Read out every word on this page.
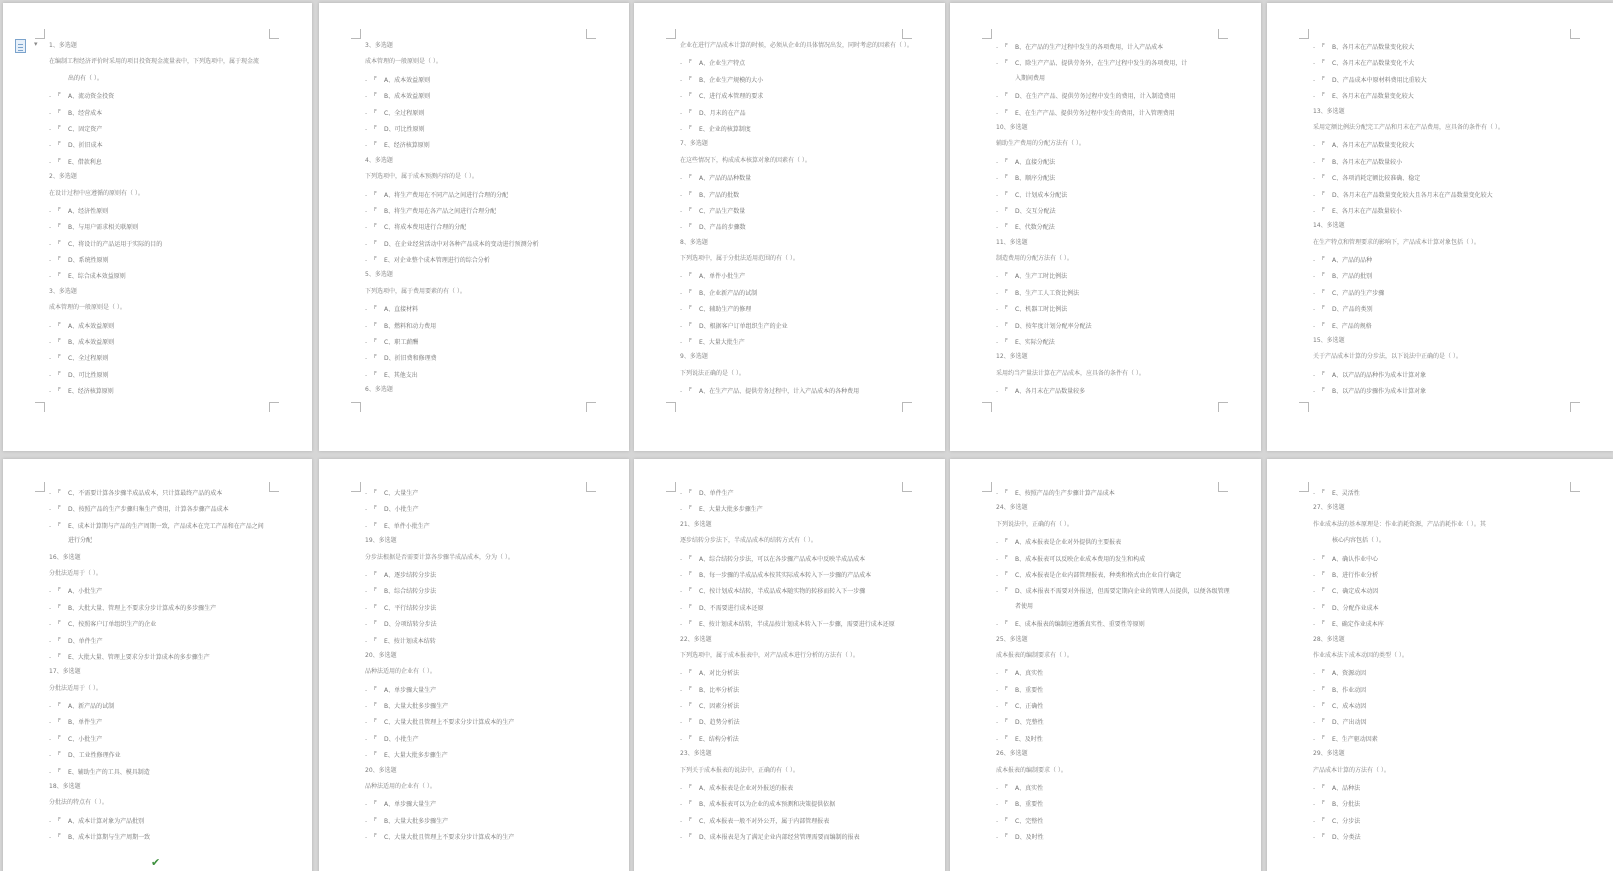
- F E、灵活性
27、多选题
作业成本法的基本原理是：作业消耗资源，产品消耗作业（ ）。其
核心内容包括（ ）。
- F A、确认作业中心
- F B、进行作业分析
- F C、确定成本动因
- F D、分配作业成本
- F E、确定作业成本库
28、多选题
作业成本法下成本动因的类型（ ）。
- F A、资源动因
- F B、作业动因
- F C、成本动因
- F D、产出动因
- F E、生产驱动因素
29、多选题
产品成本计算的方法有（ ）。
- F A、品种法
- F B、分批法
- F C、分步法
- F D、分类法
- F E、按照产品的生产步骤计算产品成本
24、多选题
下列说法中，正确的有（ ）。
- F A、成本报表是企业对外提供的主要报表
- F B、成本报表可以反映企业成本费用的发生和构成
- F C、成本报表是企业内部管理报表，种类和格式由企业自行确定
- F D、成本报表不需要对外报送，但需要定期向企业的管理人员提供，以便各级管理
者使用
- F E、成本报表的编制应遵循真实性、重要性等原则
25、多选题
成本报表的编制要求有（ ）。
- F A、真实性
- F B、重要性
- F C、正确性
- F D、完整性
- F E、及时性
26、多选题
成本报表的编制要求（ ）。
- F A、真实性
- F B、重要性
- F C、完整性
- F D、及时性
- F D、单件生产
- F E、大量大批多步骤生产
21、多选题
逐步结转分步法下，半成品成本的结转方式有（ ）。
- F A、综合结转分步法，可以在各步骤产品成本中反映半成品成本
- F B、每一步骤的半成品成本按其实际成本转入下一步骤的产品成本
- F C、按计划成本结转，半成品成本随实物的转移而转入下一步骤
- F D、不需要进行成本还原
- F E、按计划成本结转，半成品按计划成本转入下一步骤，需要进行成本还原
22、多选题
下列选项中，属于成本报表中，对产品成本进行分析的方法有（ ）。
- F A、对比分析法
- F B、比率分析法
- F C、因素分析法
- F D、趋势分析法
- F E、结构分析法
23、多选题
下列关于成本报表的说法中，正确的有（ ）。
- F A、成本报表是企业对外报送的报表
- F B、成本报表可以为企业的成本预测和决策提供依据
- F C、成本报表一般不对外公开，属于内部管理报表
- F D、成本报表是为了满足企业内部经营管理需要而编制的报表
- F C、大量生产
- F D、小批生产
- F E、单件小批生产
19、多选题
分步法根据是否需要计算各步骤半成品成本，分为（ ）。
- F A、逐步结转分步法
- F B、综合结转分步法
- F C、平行结转分步法
- F D、分项结转分步法
- F E、按计划成本结转
20、多选题
品种法适用的企业有（ ）。
- F A、单步骤大量生产
- F B、大量大批多步骤生产
- F C、大量大批且管理上不要求分步计算成本的生产
- F D、小批生产
- F E、大量大批多步骤生产
20、多选题
品种法适用的企业有（ ）。
- F A、单步骤大量生产
- F B、大量大批多步骤生产
- F C、大量大批且管理上不要求分步计算成本的生产
- F C、不需要计算各步骤半成品成本，只计算最终产品的成本
- F D、按照产品的生产步骤归集生产费用，计算各步骤产品成本
- F E、成本计算期与产品的生产周期一致，产品成本在完工产品和在产品之间
进行分配
16、多选题
分批法适用于（ ）。
- F A、小批生产
- F B、大批大量、管理上不要求分步计算成本的多步骤生产
- F C、按照客户订单组织生产的企业
- F D、单件生产
- F E、大批大量、管理上要求分步计算成本的多步骤生产
17、多选题
分批法适用于（ ）。
- F A、新产品的试制
- F B、单件生产
- F C、小批生产
- F D、工业性修理作业
- F E、辅助生产的工具、模具制造
18、多选题
分批法的特点有（ ）。
- F A、成本计算对象为产品批别
- F B、成本计算期与生产周期一致
- F B、各月末在产品数量变化较大
- F C、各月末在产品数量变化不大
- F D、产品成本中原材料费用比重较大
- F E、各月末在产品数量变化较大
13、多选题
采用定额比例法分配完工产品和月末在产品费用，应具备的条件有（ ）。
- F A、各月末在产品数量变化较大
- F B、各月末在产品数量较小
- F C、各项消耗定额比较准确、稳定
- F D、各月末在产品数量变化较大且各月末在产品数量变化较大
- F E、各月末在产品数量较小
14、多选题
在生产特点和管理要求的影响下，产品成本计算对象包括（ ）。
- F A、产品的品种
- F B、产品的批别
- F C、产品的生产步骤
- F D、产品的类别
- F E、产品的规格
15、多选题
关于产品成本计算的分步法，以下说法中正确的是（ ）。
- F A、以产品的品种作为成本计算对象
- F B、以产品的步骤作为成本计算对象
- F B、在产品的生产过程中发生的各项费用，计入产品成本
- F C、除生产产品、提供劳务外，在生产过程中发生的各项费用，计
入期间费用
- F D、在生产产品、提供劳务过程中发生的费用，计入制造费用
- F E、在生产产品、提供劳务过程中发生的费用，计入管理费用
10、多选题
辅助生产费用的分配方法有（ ）。
- F A、直接分配法
- F B、顺序分配法
- F C、计划成本分配法
- F D、交互分配法
- F E、代数分配法
11、多选题
制造费用的分配方法有（ ）。
- F A、生产工时比例法
- F B、生产工人工资比例法
- F C、机器工时比例法
- F D、按年度计划分配率分配法
- F E、实际分配法
12、多选题
采用约当产量法计算在产品成本，应具备的条件有（ ）。
- F A、各月末在产品数量较多
企业在进行产品成本计算的时候，必须从企业的具体情况出发，同时考虑的因素有（ ）。
- F A、企业生产特点
- F B、企业生产规模的大小
- F C、进行成本管理的要求
- F D、月末的在产品
- F E、企业的核算制度
7、多选题
在这些情况下，构成成本核算对象的因素有（ ）。
- F A、产品的品种数量
- F B、产品的批数
- F C、产品生产数量
- F D、产品的步骤数
8、多选题
下列选项中，属于分批法适用范围的有（ ）。
- F A、单件小批生产
- F B、企业新产品的试制
- F C、辅助生产的修理
- F D、根据客户订单组织生产的企业
- F E、大量大批生产
9、多选题
下列说法正确的是（ ）。
- F A、在生产产品、提供劳务过程中，计入产品成本的各种费用
3、多选题
成本管理的一般原则是（ ）。
- F A、成本效益原则
- F B、成本效益原则
- F C、全过程原则
- F D、可比性原则
- F E、经济核算原则
4、多选题
下列选项中，属于成本预测内容的是（ ）。
- F A、将生产费用在不同产品之间进行合理的分配
- F B、将生产费用在各产品之间进行合理分配
- F C、将成本费用进行合理的分配
- F D、在企业经营活动中对各种产品成本的变动进行预测分析
- F E、对企业整个成本管理进行的综合分析
5、多选题
下列选项中，属于费用要素的有（ ）。
- F A、直接材料
- F B、燃料和动力费用
- F C、职工薪酬
- F D、折旧费和修理费
- F E、其他支出
6、多选题
1、多选题
在编制工程经济评价时采用的项目投资现金流量表中，下列选项中，属于现金流
出的有（ ）。
- F A、流动资金投资
- F B、经营成本
- F C、固定资产
- F D、折旧成本
- F E、借款利息
2、多选题
在设计过程中应遵循的原则有（ ）。
- F A、经济性原则
- F B、与用户需求相关联原则
- F C、将设计的产品运用于实际的目的
- F D、系统性原则
- F E、综合成本效益原则
3、多选题
成本管理的一般原则是（ ）。
- F A、成本效益原则
- F B、成本效益原则
- F C、全过程原则
- F D、可比性原则
- F E、经济核算原则
▾
✔
